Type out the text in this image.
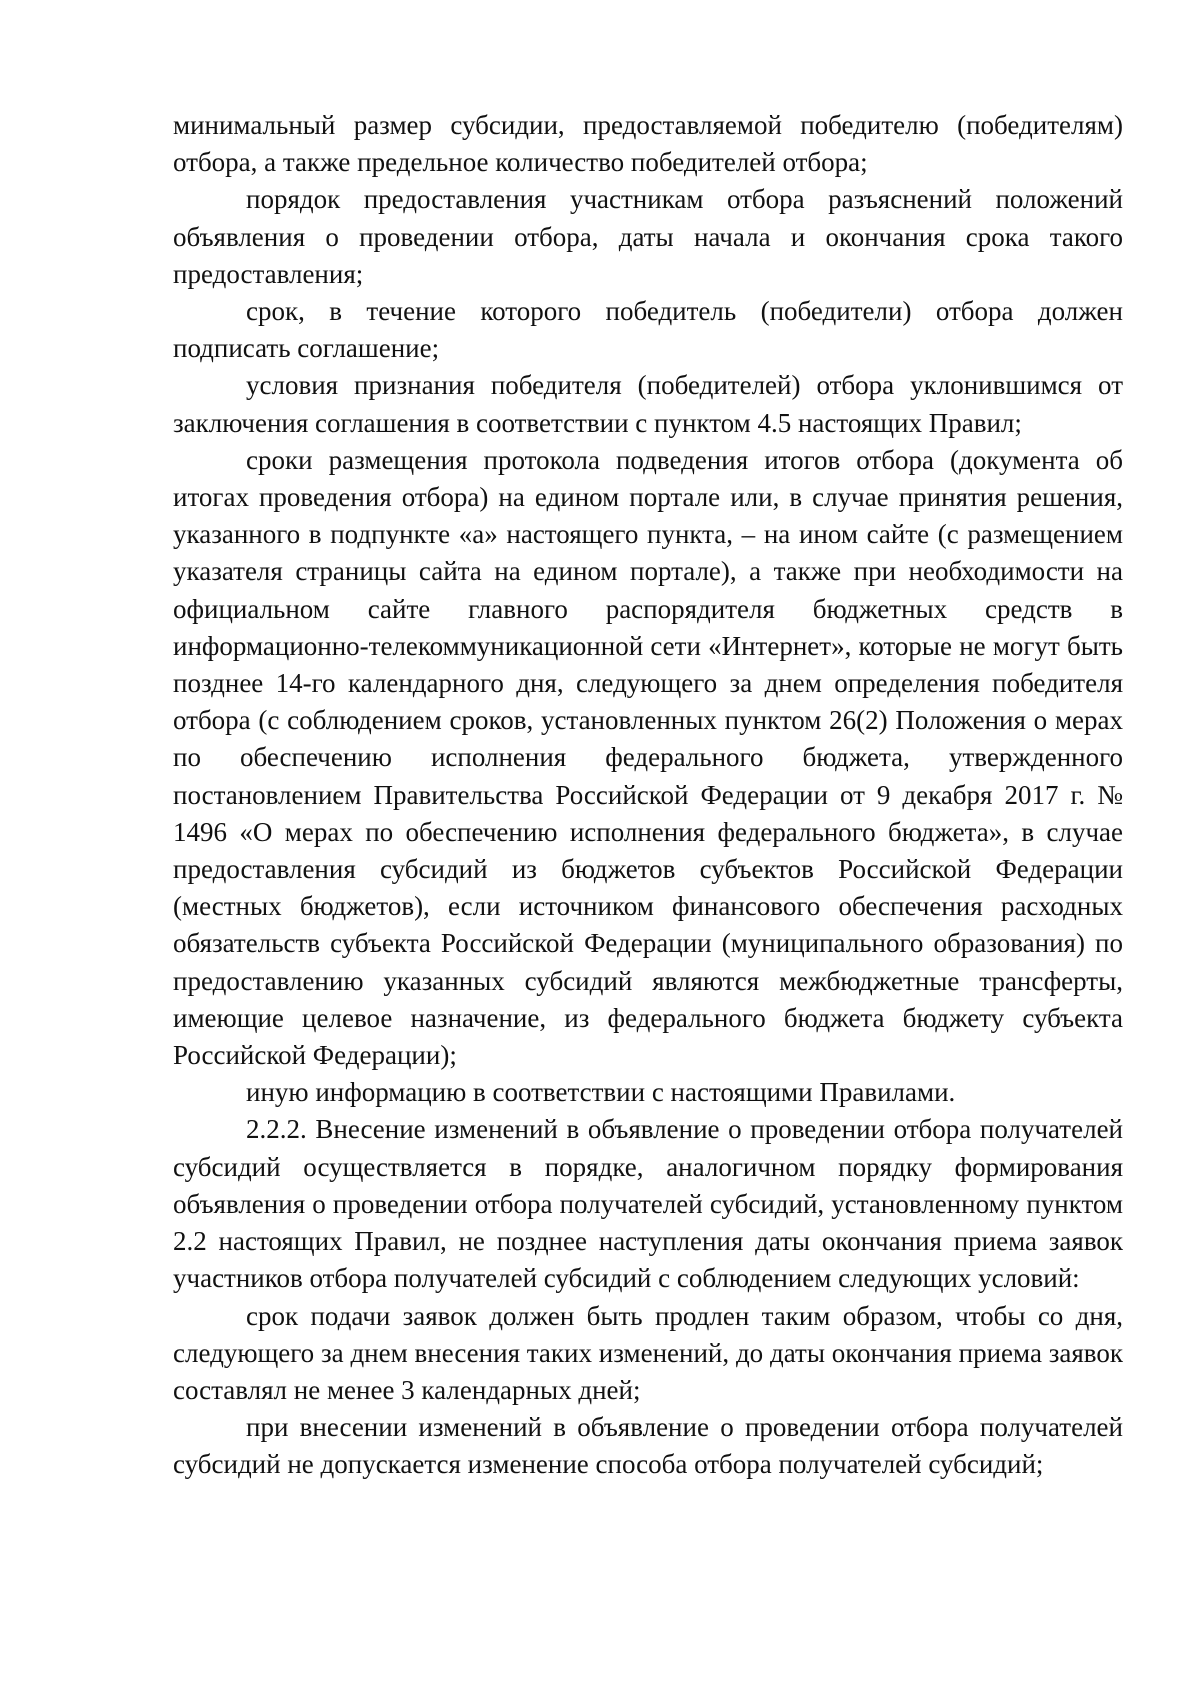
минимальный размер субсидии, предоставляемой победителю (победителям) отбора, а также предельное количество победителей отбора;

порядок предоставления участникам отбора разъяснений положений объявления о проведении отбора, даты начала и окончания срока такого предоставления;

срок, в течение которого победитель (победители) отбора должен подписать соглашение;

условия признания победителя (победителей) отбора уклонившимся от заключения соглашения в соответствии с пунктом 4.5 настоящих Правил;

сроки размещения протокола подведения итогов отбора (документа об итогах проведения отбора) на едином портале или, в случае принятия решения, указанного в подпункте «а» настоящего пункта, – на ином сайте (с размещением указателя страницы сайта на едином портале), а также при необходимости на официальном сайте главного распорядителя бюджетных средств в информационно-телекоммуникационной сети «Интернет», которые не могут быть позднее 14-го календарного дня, следующего за днем определения победителя отбора (с соблюдением сроков, установленных пунктом 26(2) Положения о мерах по обеспечению исполнения федерального бюджета, утвержденного постановлением Правительства Российской Федерации от 9 декабря 2017 г. № 1496 «О мерах по обеспечению исполнения федерального бюджета», в случае предоставления субсидий из бюджетов субъектов Российской Федерации (местных бюджетов), если источником финансового обеспечения расходных обязательств субъекта Российской Федерации (муниципального образования) по предоставлению указанных субсидий являются межбюджетные трансферты, имеющие целевое назначение, из федерального бюджета бюджету субъекта Российской Федерации);

иную информацию в соответствии с настоящими Правилами.

2.2.2. Внесение изменений в объявление о проведении отбора получателей субсидий осуществляется в порядке, аналогичном порядку формирования объявления о проведении отбора получателей субсидий, установленному пунктом 2.2 настоящих Правил, не позднее наступления даты окончания приема заявок участников отбора получателей субсидий с соблюдением следующих условий:

срок подачи заявок должен быть продлен таким образом, чтобы со дня, следующего за днем внесения таких изменений, до даты окончания приема заявок составлял не менее 3 календарных дней;

при внесении изменений в объявление о проведении отбора получателей субсидий не допускается изменение способа отбора получателей субсидий;
